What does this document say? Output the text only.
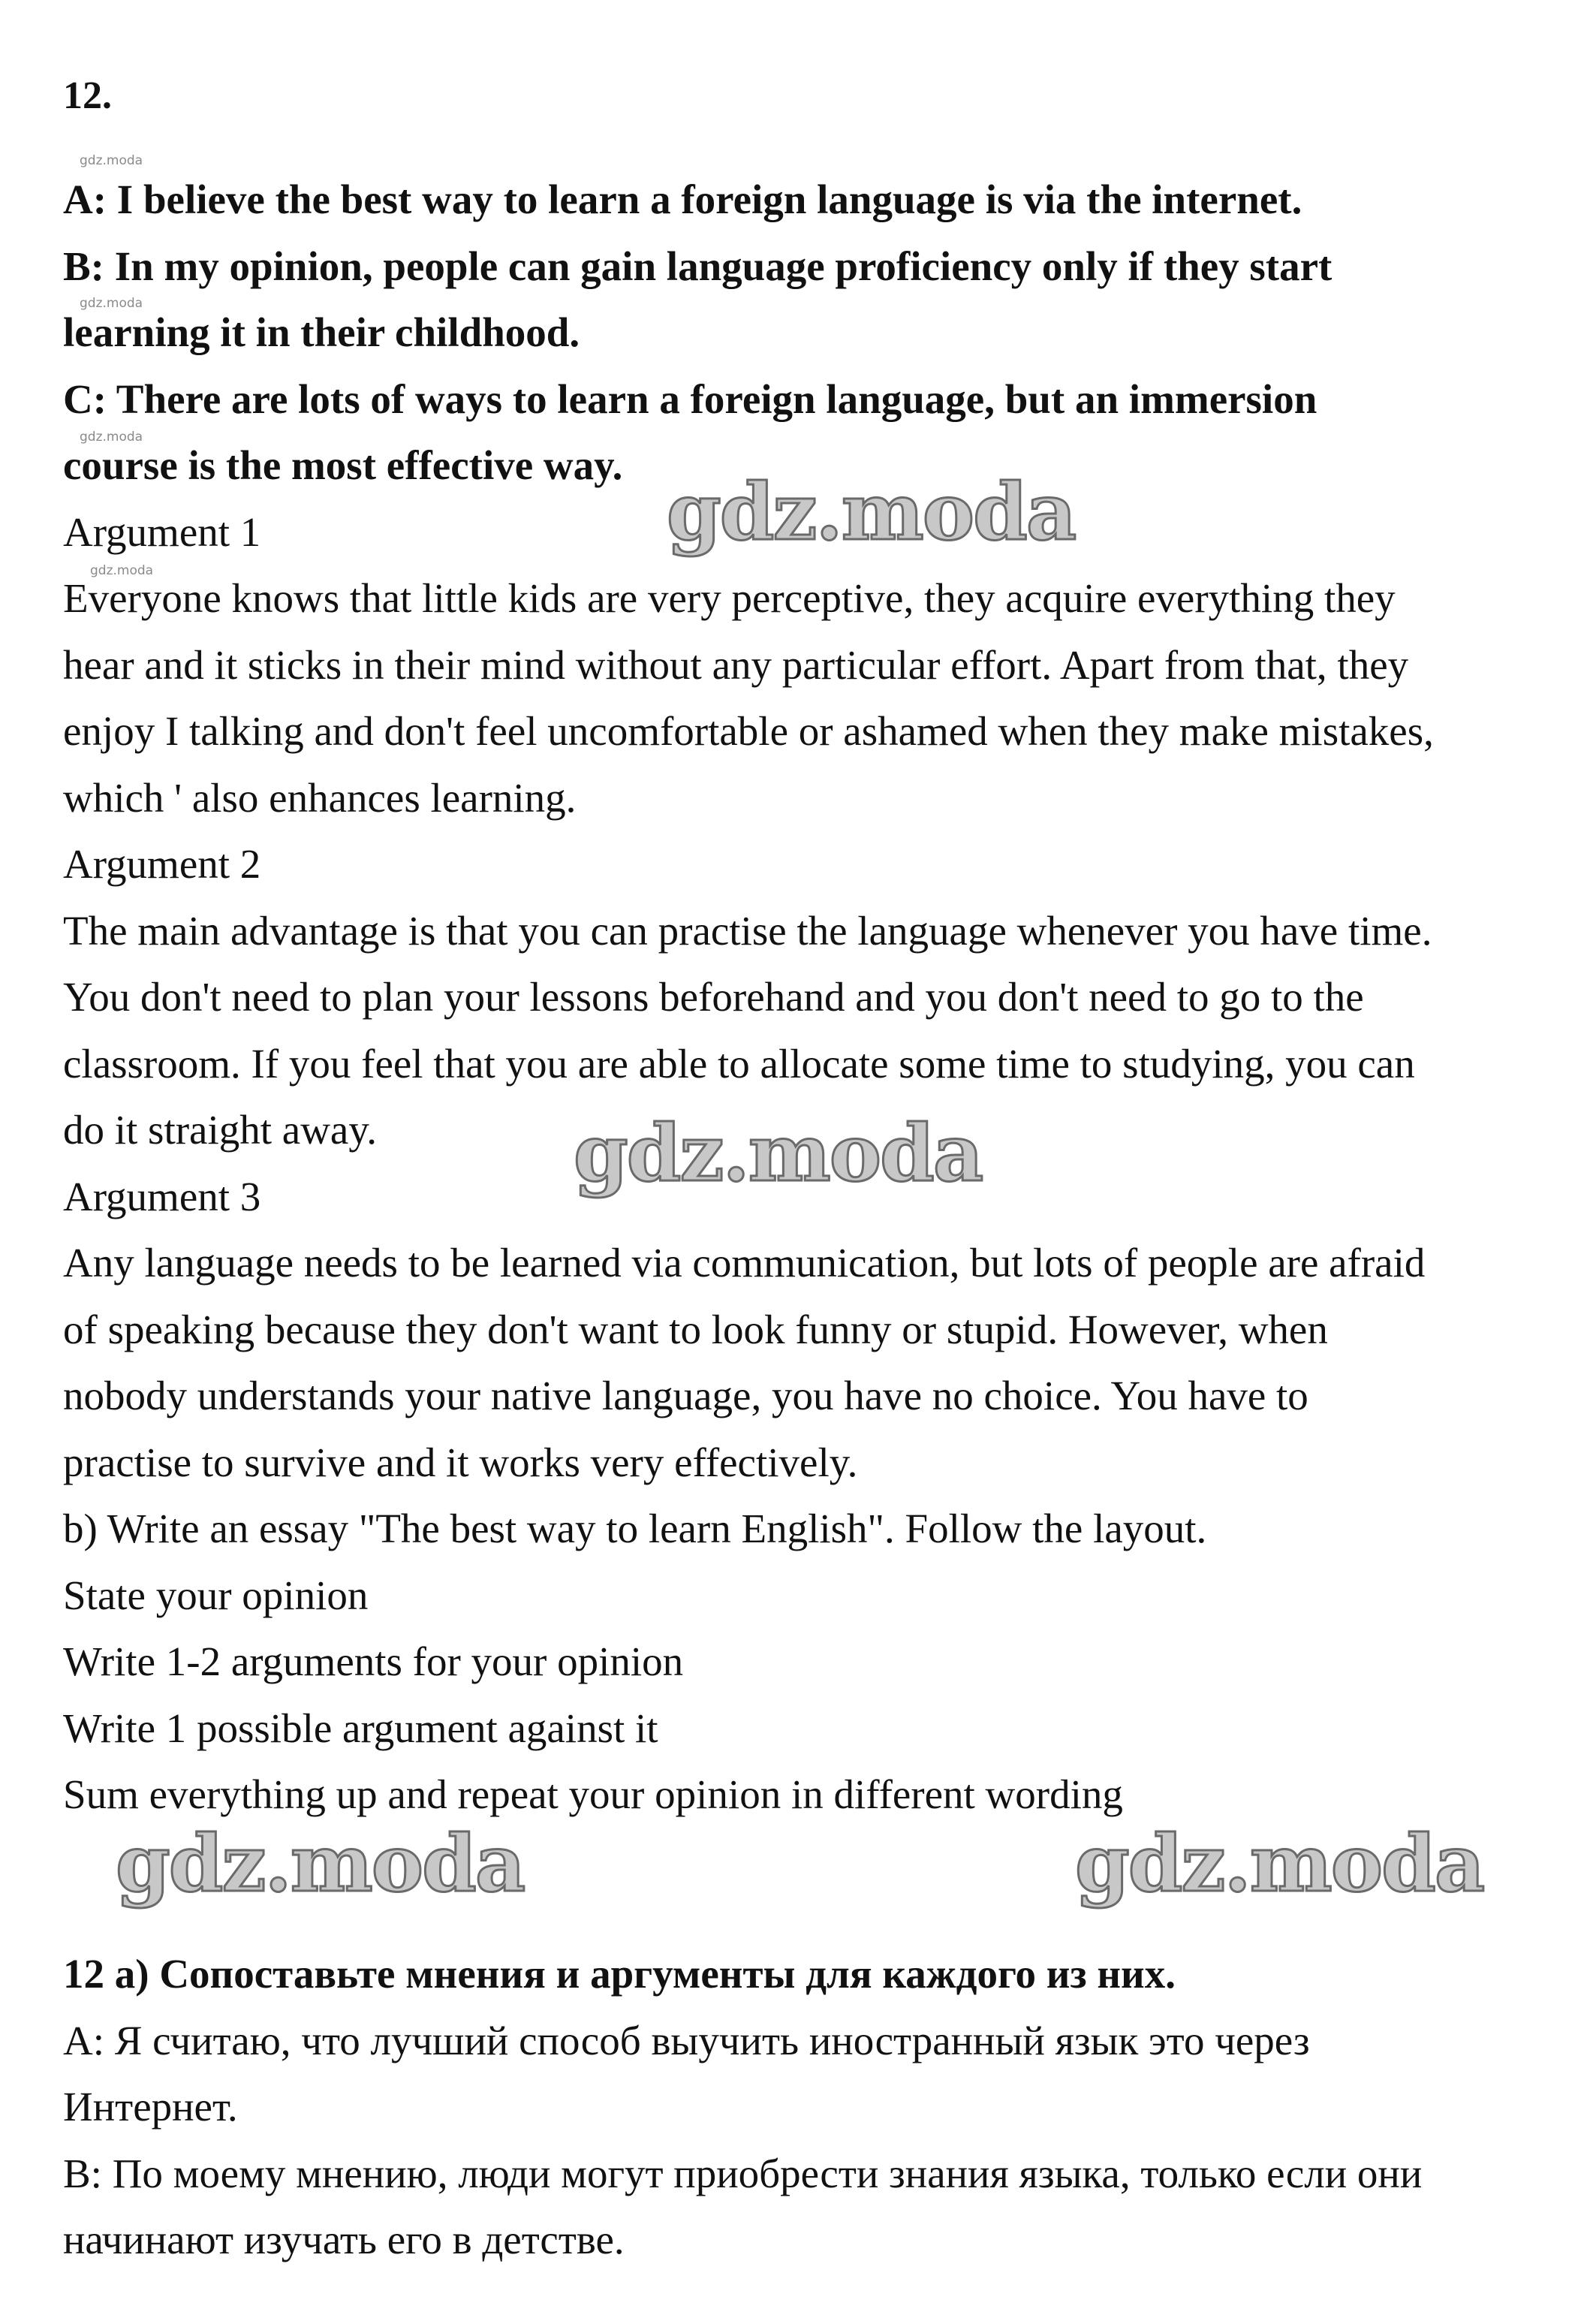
12.
A: I believe the best way to learn a foreign language is via the internet.
B: In my opinion, people can gain language proficiency only if they start
learning it in their childhood.
C: There are lots of ways to learn a foreign language, but an immersion
course is the most effective way.
Argument 1
Everyone knows that little kids are very perceptive, they acquire everything they
hear and it sticks in their mind without any particular effort. Apart from that, they
enjoy I talking and don't feel uncomfortable or ashamed when they make mistakes,
which ' also enhances learning.
Argument 2
The main advantage is that you can practise the language whenever you have time.
You don't need to plan your lessons beforehand and you don't need to go to the
classroom. If you feel that you are able to allocate some time to studying, you can
do it straight away.
Argument 3
Any language needs to be learned via communication, but lots of people are afraid
of speaking because they don't want to look funny or stupid. However, when
nobody understands your native language, you have no choice. You have to
practise to survive and it works very effectively.
b) Write an essay "The best way to learn English". Follow the layout.
State your opinion
Write 1-2 arguments for your opinion
Write 1 possible argument against it
Sum everything up and repeat your opinion in different wording
12 а) Сопоставьте мнения и аргументы для каждого из них.
А: Я считаю, что лучший способ выучить иностранный язык это через
Интернет.
В: По моему мнению, люди могут приобрести знания языка, только если они
начинают изучать его в детстве.
gdz.moda
gdz.moda
gdz.moda	gdz.moda
gdz.moda
gdz.moda
gdz.moda
gdz.moda
